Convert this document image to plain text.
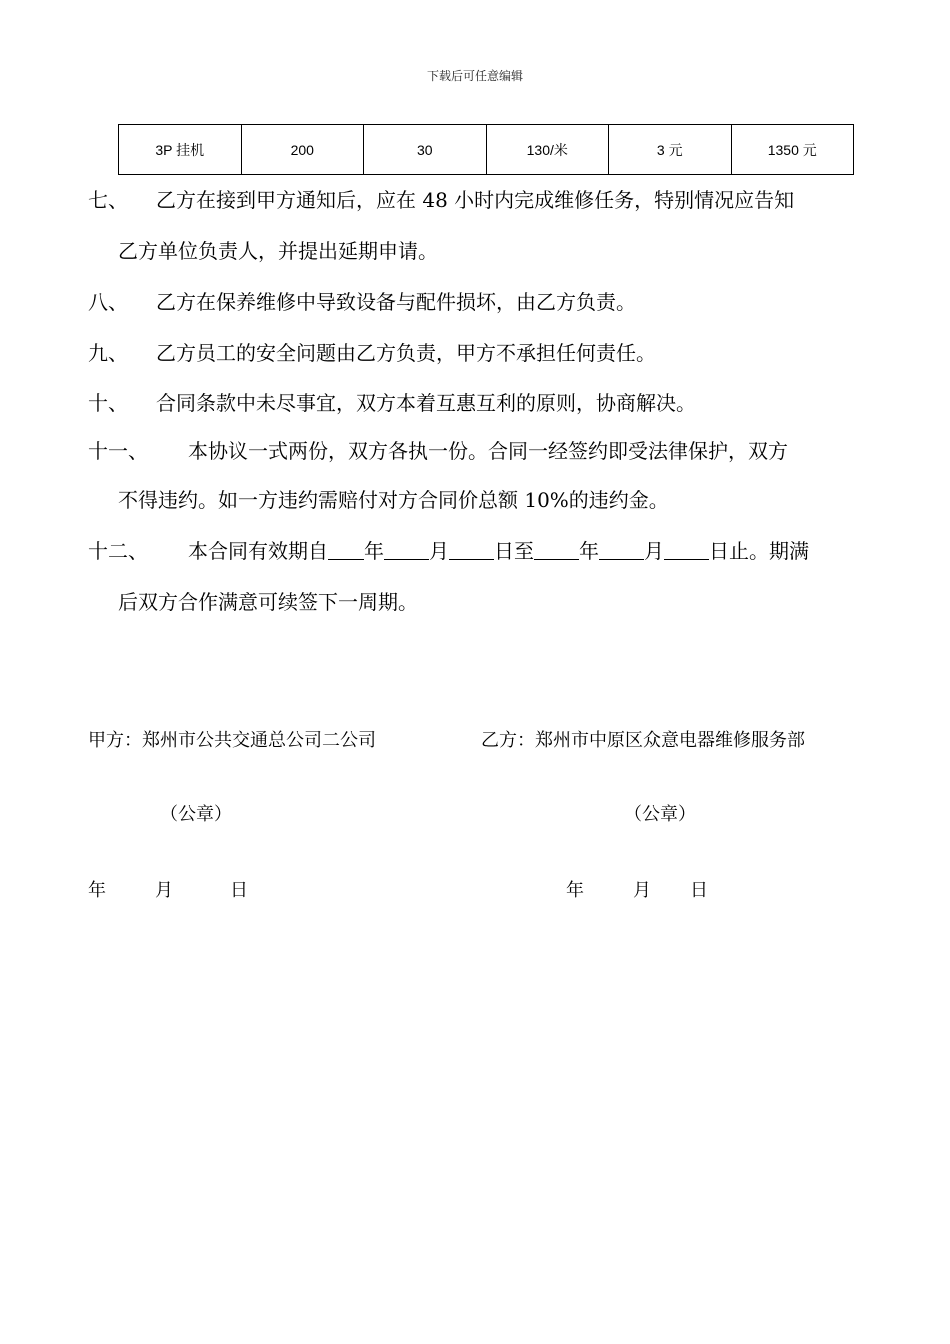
下载后可任意编辑
3P 挂机	200	30	130/米	3 元	1350 元
七、 乙方在接到甲方通知后，应在 48 小时内完成维修任务，特别情况应告知
乙方单位负责人，并提出延期申请。
八、 乙方在保养维修中导致设备与配件损坏，由乙方负责。
九、 乙方员工的安全问题由乙方负责，甲方不承担任何责任。
十、 合同条款中未尽事宜，双方本着互惠互利的原则，协商解决。
十一、 本协议一式两份，双方各执一份。合同一经签约即受法律保护，双方
不得违约。如一方违约需赔付对方合同价总额 10%的违约金。
十二、 本合同有效期自 年 月 日至 年 月 日止。期满
后双方合作满意可续签下一周期。
甲方：郑州市公共交通总公司二公司	乙方：郑州市中原区众意电器维修服务部
（公章）	（公章）
年	月	日	年	月 日
